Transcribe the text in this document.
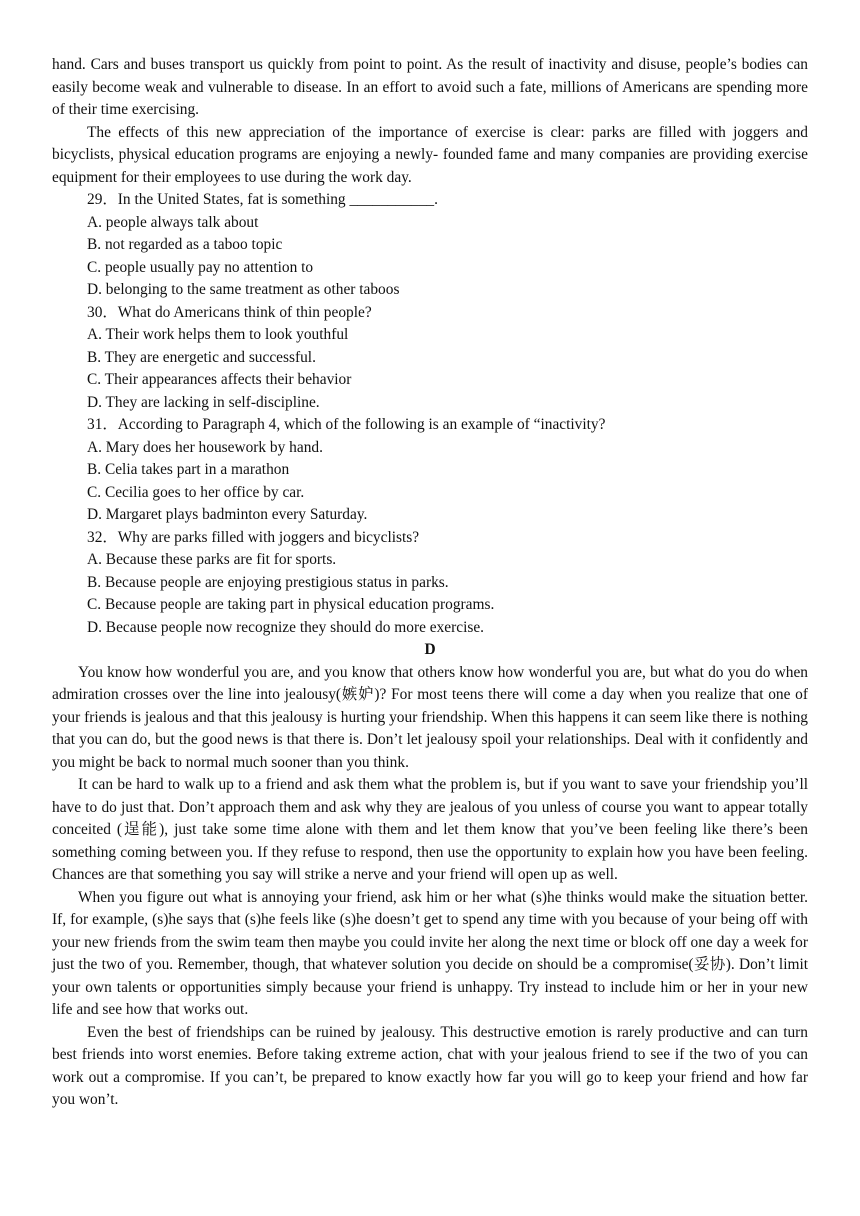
hand. Cars and buses transport us quickly from point to point. As the result of inactivity and disuse, people’s bodies can easily become weak and vulnerable to disease. In an effort to avoid such a fate, millions of Americans are spending more of their time exercising.

The effects of this new appreciation of the importance of exercise is clear: parks are filled with joggers and bicyclists, physical education programs are enjoying a newly- founded fame and many companies are providing exercise equipment for their employees to use during the work day.

29．In the United States, fat is something ___________.

A. people always talk about

B. not regarded as a taboo topic

C. people usually pay no attention to

D. belonging to the same treatment as other taboos

30．What do Americans think of thin people?

A. Their work helps them to look youthful

B. They are energetic and successful.

C. Their appearances affects their behavior

D. They are lacking in self-discipline.

31．According to Paragraph 4, which of the following is an example of “inactivity?

A. Mary does her housework by hand.

B. Celia takes part in a marathon

C. Cecilia goes to her office by car.

D. Margaret plays badminton every Saturday.

32．Why are parks filled with joggers and bicyclists?

A. Because these parks are fit for sports.

B. Because people are enjoying prestigious status in parks.

C. Because people are taking part in physical education programs.

D. Because people now recognize they should do more exercise.

D

You know how wonderful you are, and you know that others know how wonderful you are, but what do you do when admiration crosses over the line into jealousy(嫉妒)? For most teens there will come a day when you realize that one of your friends is jealous and that this jealousy is hurting your friendship. When this happens it can seem like there is nothing that you can do, but the good news is that there is. Don’t let jealousy spoil your relationships. Deal with it confidently and you might be back to normal much sooner than you think.

It can be hard to walk up to a friend and ask them what the problem is, but if you want to save your friendship you’ll have to do just that. Don’t approach them and ask why they are jealous of you unless of course you want to appear totally conceited (逞能), just take some time alone with them and let them know that you’ve been feeling like there’s been something coming between you. If they refuse to respond, then use the opportunity to explain how you have been feeling. Chances are that something you say will strike a nerve and your friend will open up as well.

When you figure out what is annoying your friend, ask him or her what (s)he thinks would make the situation better. If, for example, (s)he says that (s)he feels like (s)he doesn’t get to spend any time with you because of your being off with your new friends from the swim team then maybe you could invite her along the next time or block off one day a week for just the two of you. Remember, though, that whatever solution you decide on should be a compromise(妥协). Don’t limit your own talents or opportunities simply because your friend is unhappy. Try instead to include him or her in your new life and see how that works out.

Even the best of friendships can be ruined by jealousy. This destructive emotion is rarely productive and can turn best friends into worst enemies. Before taking extreme action, chat with your jealous friend to see if the two of you can work out a compromise. If you can’t, be prepared to know exactly how far you will go to keep your friend and how far you won’t.
